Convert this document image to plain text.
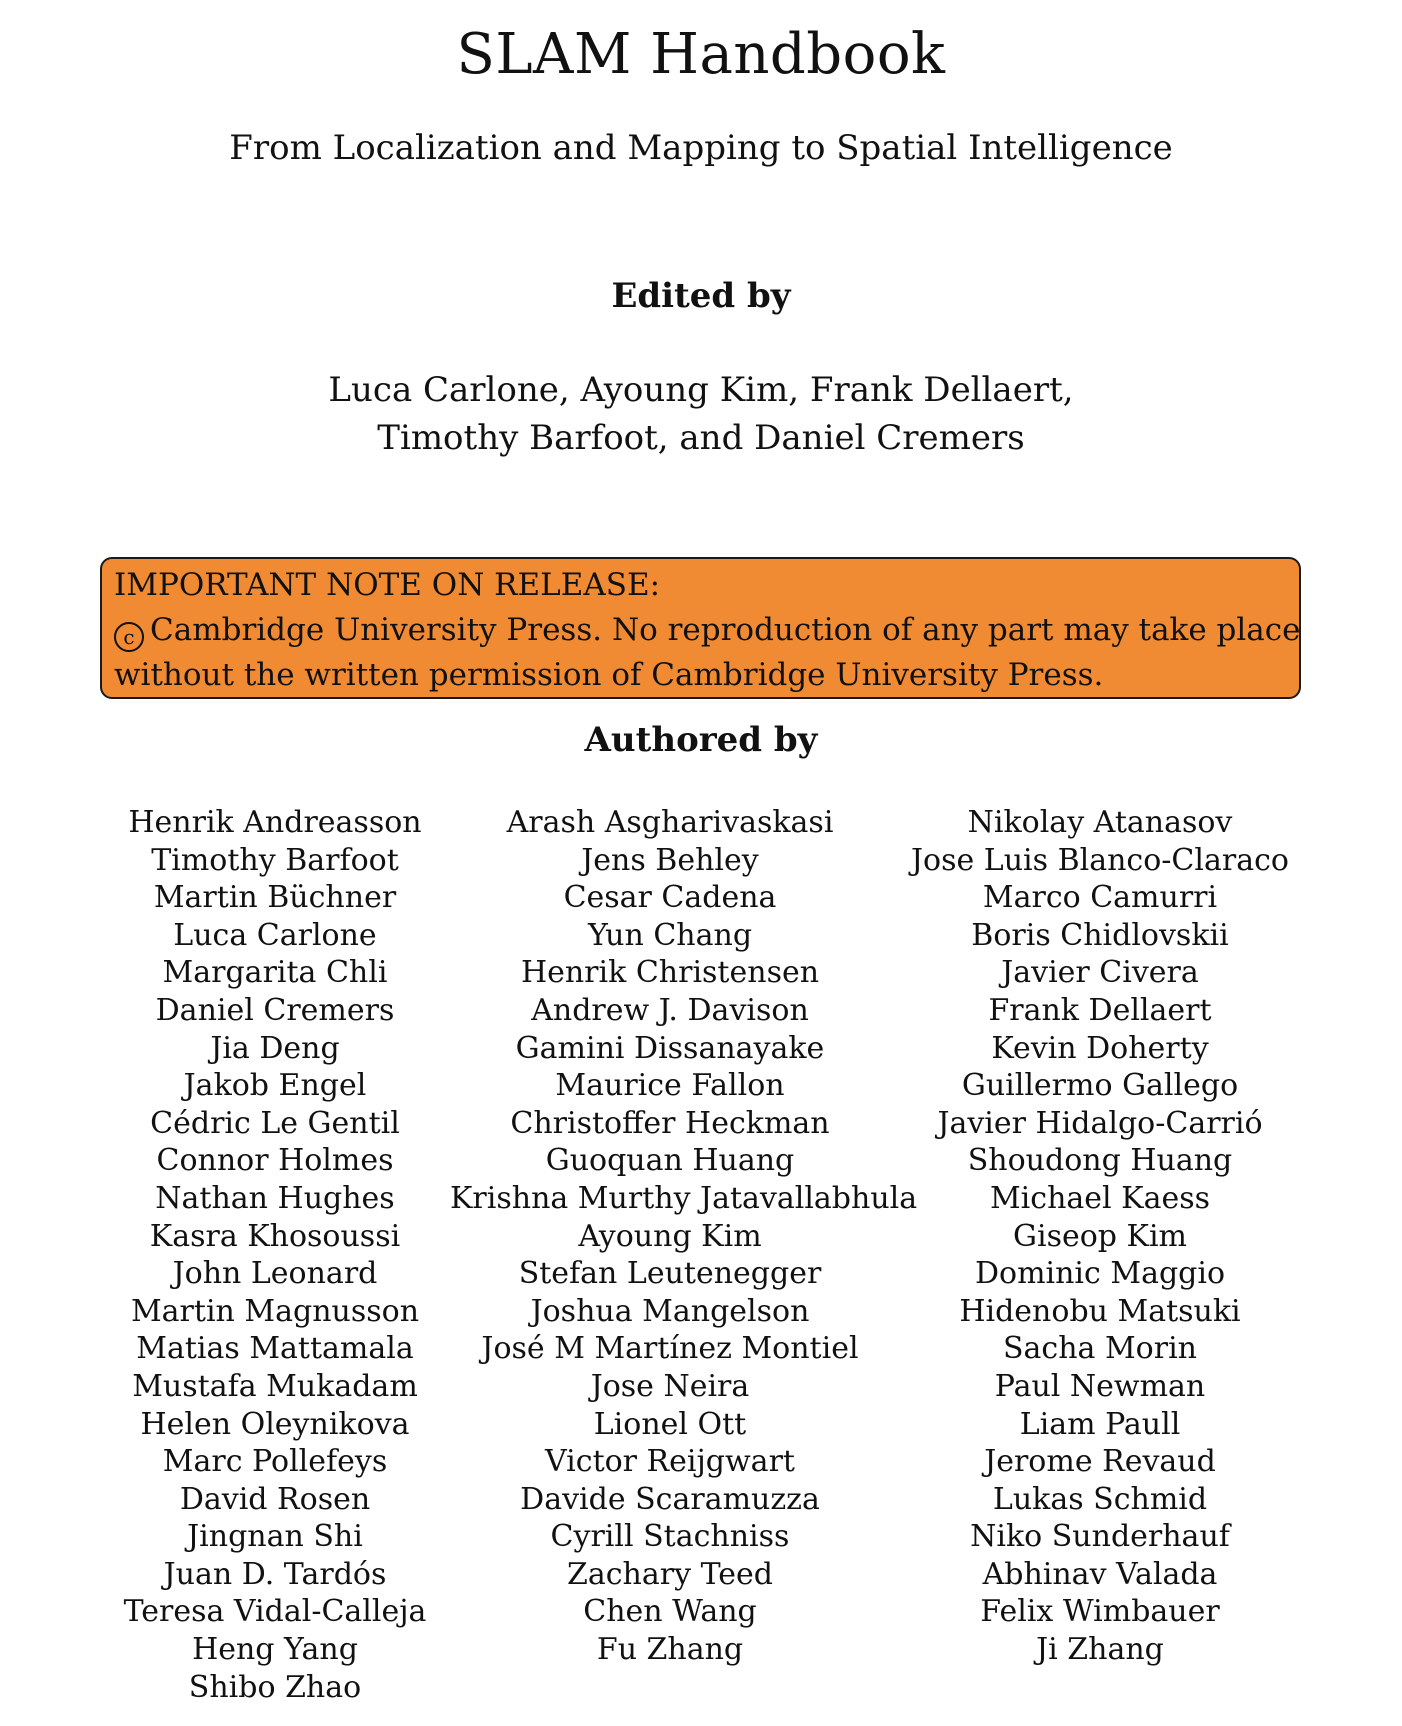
SLAM Handbook
From Localization and Mapping to Spatial Intelligence
Edited by
Luca Carlone, Ayoung Kim, Frank Dellaert,
Timothy Barfoot, and Daniel Cremers
IMPORTANT NOTE ON RELEASE:
c Cambridge University Press. No reproduction of any part may take place
without the written permission of Cambridge University Press.
Authored by
Henrik Andreasson
Timothy Barfoot
Martin Büchner
Luca Carlone
Margarita Chli
Daniel Cremers
Jia Deng
Jakob Engel
Cédric Le Gentil
Connor Holmes
Nathan Hughes
Kasra Khosoussi
John Leonard
Martin Magnusson
Matias Mattamala
Mustafa Mukadam
Helen Oleynikova
Marc Pollefeys
David Rosen
Jingnan Shi
Juan D. Tardós
Teresa Vidal-Calleja
Heng Yang
Shibo Zhao
Arash Asgharivaskasi
Jens Behley
Cesar Cadena
Yun Chang
Henrik Christensen
Andrew J. Davison
Gamini Dissanayake
Maurice Fallon
Christoffer Heckman
Guoquan Huang
Krishna Murthy Jatavallabhula
Ayoung Kim
Stefan Leutenegger
Joshua Mangelson
José M Martínez Montiel
Jose Neira
Lionel Ott
Victor Reijgwart
Davide Scaramuzza
Cyrill Stachniss
Zachary Teed
Chen Wang
Fu Zhang
Nikolay Atanasov
Jose Luis Blanco-Claraco
Marco Camurri
Boris Chidlovskii
Javier Civera
Frank Dellaert
Kevin Doherty
Guillermo Gallego
Javier Hidalgo-Carrió
Shoudong Huang
Michael Kaess
Giseop Kim
Dominic Maggio
Hidenobu Matsuki
Sacha Morin
Paul Newman
Liam Paull
Jerome Revaud
Lukas Schmid
Niko Sunderhauf
Abhinav Valada
Felix Wimbauer
Ji Zhang
